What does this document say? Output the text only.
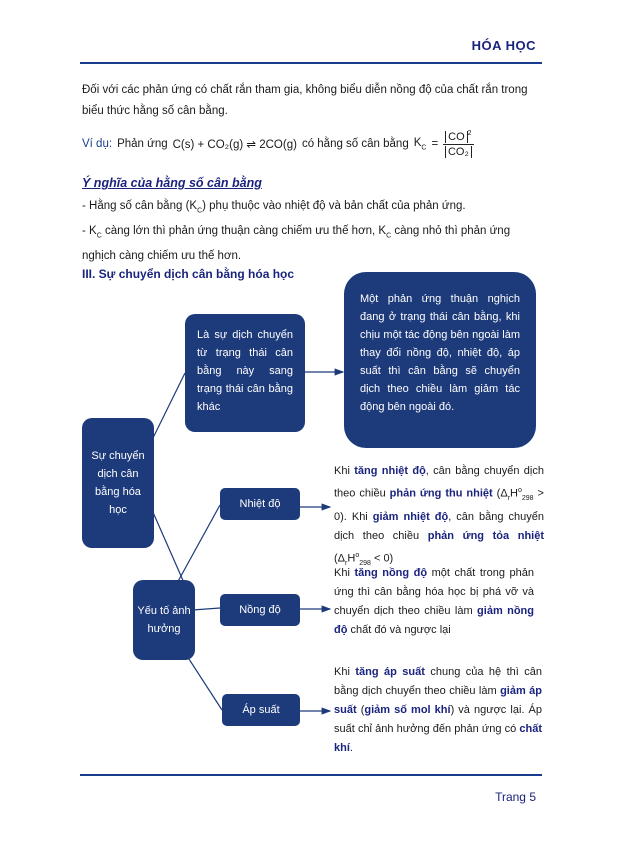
HÓA HỌC

Đối với các phản ứng có chất rắn tham gia, không biểu diễn nồng độ của chất rắn trong biểu thức hằng số cân bằng.

Ví dụ: Phản ứng C(s) + CO₂(g) ⇌ 2CO(g) có hằng số cân bằng $K_C = \frac{CO ^2}{\text{CO₂}}$

Ý nghĩa của hằng số cân bằng

- Hằng số cân bằng $(K_C)$ phụ thuộc vào nhiệt độ và bản chất của phản ứng.

- $K_C$ càng lớn thì phản ứng thuận càng chiếm ưu thế hơn, $K_C$ càng nhỏ thì phản ứng nghịch càng chiếm ưu thế hơn.

III. Sự chuyển dịch cân bằng hóa học

Sự chuyển dịch cân bằng hóa học
Là sự dịch chuyển từ trạng thái cân bằng này sang trạng thái cân bằng khác
Một phản ứng thuận nghịch đang ở trạng thái cân bằng, khi chịu một tác động bên ngoài làm thay đổi nồng độ, nhiệt độ, áp suất thì cân bằng sẽ chuyển dịch theo chiều làm giảm tác động bên ngoài đó.
Yếu tố ảnh hưởng
Nhiệt độ
Nồng độ
Áp suất

Khi tăng nhiệt độ, cân bằng chuyển dịch theo chiều phản ứng thu nhiệt $(\Delta_rH^o_{298} > 0)$. Khi giảm nhiệt độ, cân bằng chuyển dịch theo chiều phản ứng tỏa nhiệt $(\Delta_rH^o_{298} < 0)$

Khi tăng nồng độ một chất trong phản ứng thì cân bằng hóa học bị phá vỡ và chuyển dịch theo chiều làm giảm nồng độ chất đó và ngược lại

Khi tăng áp suất chung của hệ thì cân bằng dịch chuyển theo chiều làm giảm áp suất (giảm số mol khí) và ngược lại. Áp suất chỉ ảnh hưởng đến phản ứng có chất khí.

Trang 5
